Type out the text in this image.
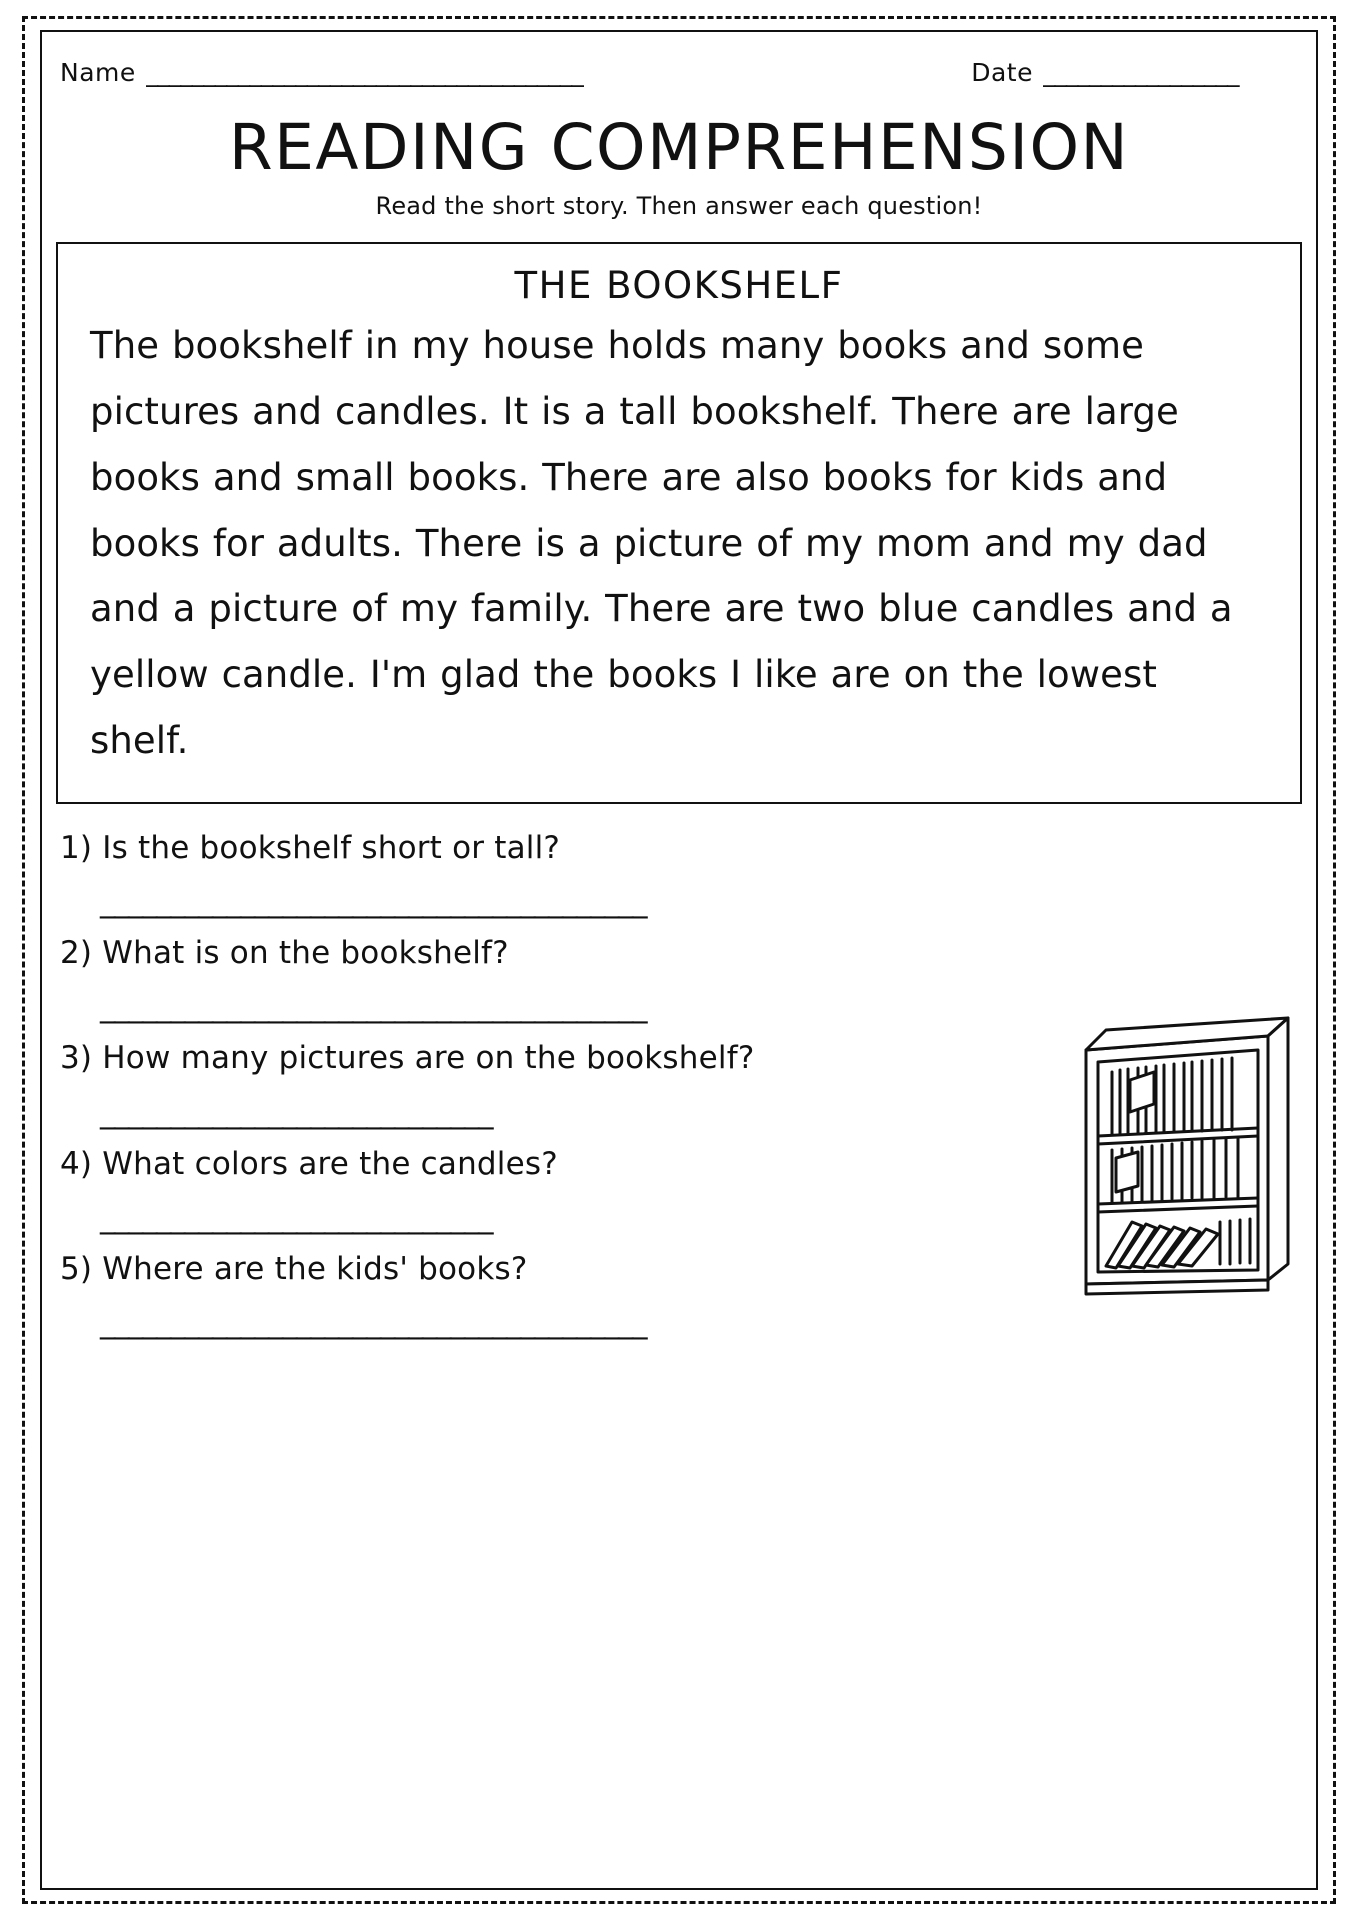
Name ______________________________________	Date _________________
READING COMPREHENSION
Read the short story. Then answer each question!
THE BOOKSHELF
The bookshelf in my house holds many books and some pictures and candles. It is a tall bookshelf. There are large books and small books. There are also books for kids and books for adults. There is a picture of my mom and my dad and a picture of my family. There are two blue candles and a yellow candle. I'm glad the books I like are on the lowest shelf.
1) Is the bookshelf short or tall?
_______________________________________
2) What is on the bookshelf?
_______________________________________
3) How many pictures are on the bookshelf?
____________________________
4) What colors are the candles?
____________________________
5) Where are the kids' books?
_______________________________________
